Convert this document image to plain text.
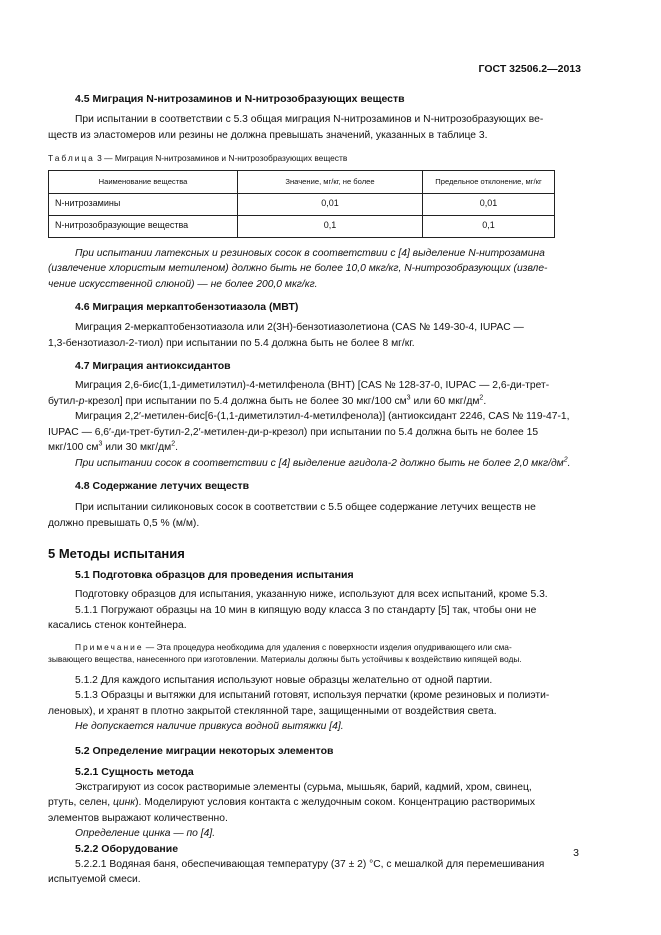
ГОСТ 32506.2—2013
4.5 Миграция N-нитрозаминов и N-нитрозобразующих веществ

При испытании в соответствии с 5.3 общая миграция N-нитрозаминов и N-нитрозобразующих ве-
ществ из эластомеров или резины не должна превышать значений, указанных в таблице 3.

Таблица 3 — Миграция N-нитрозаминов и N-нитрозобразующих веществ
Наименование вещества	Значение, мг/кг, не более	Предельное отклонение, мг/кг
N-нитрозамины	0,01	0,01
N-нитрозобразующие вещества	0,1	0,1

При испытании латексных и резиновых сосок в соответствии с [4] выделение N-нитрозамина
(извлечение хлористым метиленом) должно быть не более 10,0 мкг/кг, N-нитрозобразующих (извле-
чение искусственной слюной) — не более 200,0 мкг/кг.

4.6 Миграция меркаптобензотиазола (МВТ)

Миграция 2-меркаптобензотиазола или 2(3Н)-бензотиазолетиона (CAS № 149-30-4, IUPAC —
1,3-бензотиазол-2-тиол) при испытании по 5.4 должна быть не более 8 мг/кг.

4.7 Миграция антиоксидантов

Миграция 2,6-бис(1,1-диметилэтил)-4-метилфенола (ВНТ) [CAS № 128-37-0, IUPAC — 2,6-ди-трет-
бутил-р-крезол] при испытании по 5.4 должна быть не более 30 мкг/100 $см^3$ или 60 мкг/$дм^2$.
Миграция 2,2′-метилен-бис[6-(1,1-диметилэтил-4-метилфенола)] (антиоксидант 2246, CAS № 119-47-1,
IUPAC — 6,6′-ди-трет-бутил-2,2′-метилен-ди-р-крезол) при испытании по 5.4 должна быть не более 15
мкг/100 $см^3$ или 30 мкг/$дм^2$.
При испытании сосок в соответствии с [4] выделение агидола-2 должно быть не более 2,0 мкг/$дм^2$.

4.8 Содержание летучих веществ

При испытании силиконовых сосок в соответствии с 5.5 общее содержание летучих веществ не
должно превышать 0,5 % (м/м).

5 Методы испытания
5.1 Подготовка образцов для проведения испытания

Подготовку образцов для испытания, указанную ниже, используют для всех испытаний, кроме 5.3.
5.1.1 Погружают образцы на 10 мин в кипящую воду класса 3 по стандарту [5] так, чтобы они не
касались стенок контейнера.

Примечание — Эта процедура необходима для удаления с поверхности изделия опудривающего или сма-
зывающего вещества, нанесенного при изготовлении. Материалы должны быть устойчивы к воздействию кипящей воды.

5.1.2 Для каждого испытания используют новые образцы желательно от одной партии.
5.1.3 Образцы и вытяжки для испытаний готовят, используя перчатки (кроме резиновых и полиэти-
леновых), и хранят в плотно закрытой стеклянной таре, защищенными от воздействия света.
Не допускается наличие привкуса водной вытяжки [4].

5.2 Определение миграции некоторых элементов
5.2.1 Сущность метода

Экстрагируют из сосок растворимые элементы (сурьма, мышьяк, барий, кадмий, хром, свинец,
ртуть, селен, цинк). Моделируют условия контакта с желудочным соком. Концентрацию растворимых
элементов выражают количественно.
Определение цинка — по [4].

5.2.2 Оборудование

5.2.2.1 Водяная баня, обеспечивающая температуру (37 ± 2) °С, с мешалкой для перемешивания
испытуемой смеси.

3
